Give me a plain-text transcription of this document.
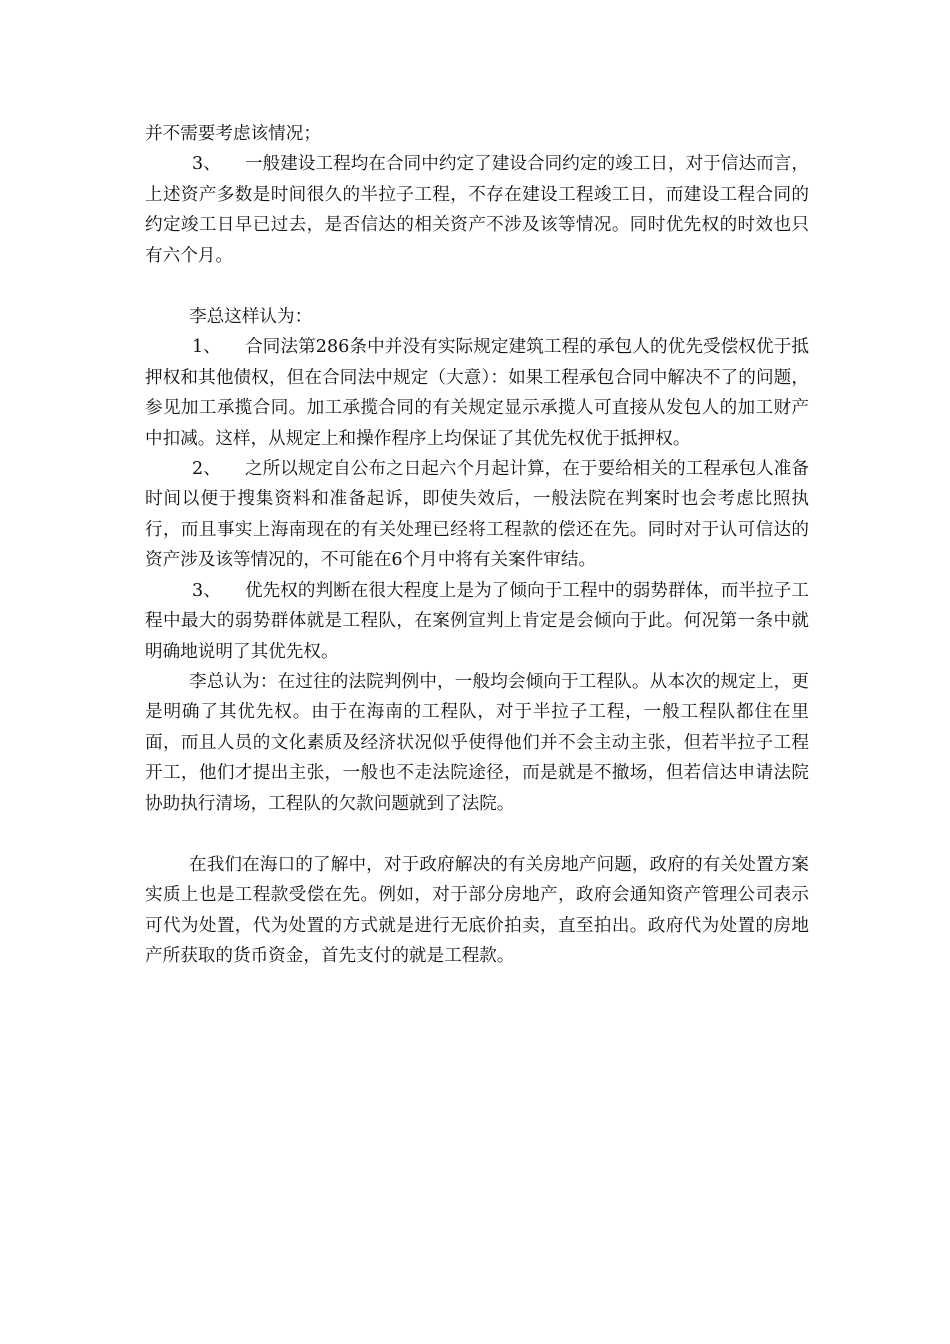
并不需要考虑该情况；

3、 一般建设工程均在合同中约定了建设合同约定的竣工日，对于信达而言，上述资产多数是时间很久的半拉子工程，不存在建设工程竣工日，而建设工程合同的约定竣工日早已过去，是否信达的相关资产不涉及该等情况。同时优先权的时效也只有六个月。

李总这样认为：

1、 合同法第286条中并没有实际规定建筑工程的承包人的优先受偿权优于抵押权和其他债权，但在合同法中规定（大意）：如果工程承包合同中解决不了的问题，参见加工承揽合同。加工承揽合同的有关规定显示承揽人可直接从发包人的加工财产中扣减。这样，从规定上和操作程序上均保证了其优先权优于抵押权。

2、 之所以规定自公布之日起六个月起计算，在于要给相关的工程承包人准备时间以便于搜集资料和准备起诉，即使失效后，一般法院在判案时也会考虑比照执行，而且事实上海南现在的有关处理已经将工程款的偿还在先。同时对于认可信达的资产涉及该等情况的，不可能在6个月中将有关案件审结。

3、 优先权的判断在很大程度上是为了倾向于工程中的弱势群体，而半拉子工程中最大的弱势群体就是工程队，在案例宣判上肯定是会倾向于此。何况第一条中就明确地说明了其优先权。

李总认为：在过往的法院判例中，一般均会倾向于工程队。从本次的规定上，更是明确了其优先权。由于在海南的工程队，对于半拉子工程，一般工程队都住在里面，而且人员的文化素质及经济状况似乎使得他们并不会主动主张，但若半拉子工程开工，他们才提出主张，一般也不走法院途径，而是就是不撤场，但若信达申请法院协助执行清场，工程队的欠款问题就到了法院。

在我们在海口的了解中，对于政府解决的有关房地产问题，政府的有关处置方案实质上也是工程款受偿在先。例如，对于部分房地产，政府会通知资产管理公司表示可代为处置，代为处置的方式就是进行无底价拍卖，直至拍出。政府代为处置的房地产所获取的货币资金，首先支付的就是工程款。
